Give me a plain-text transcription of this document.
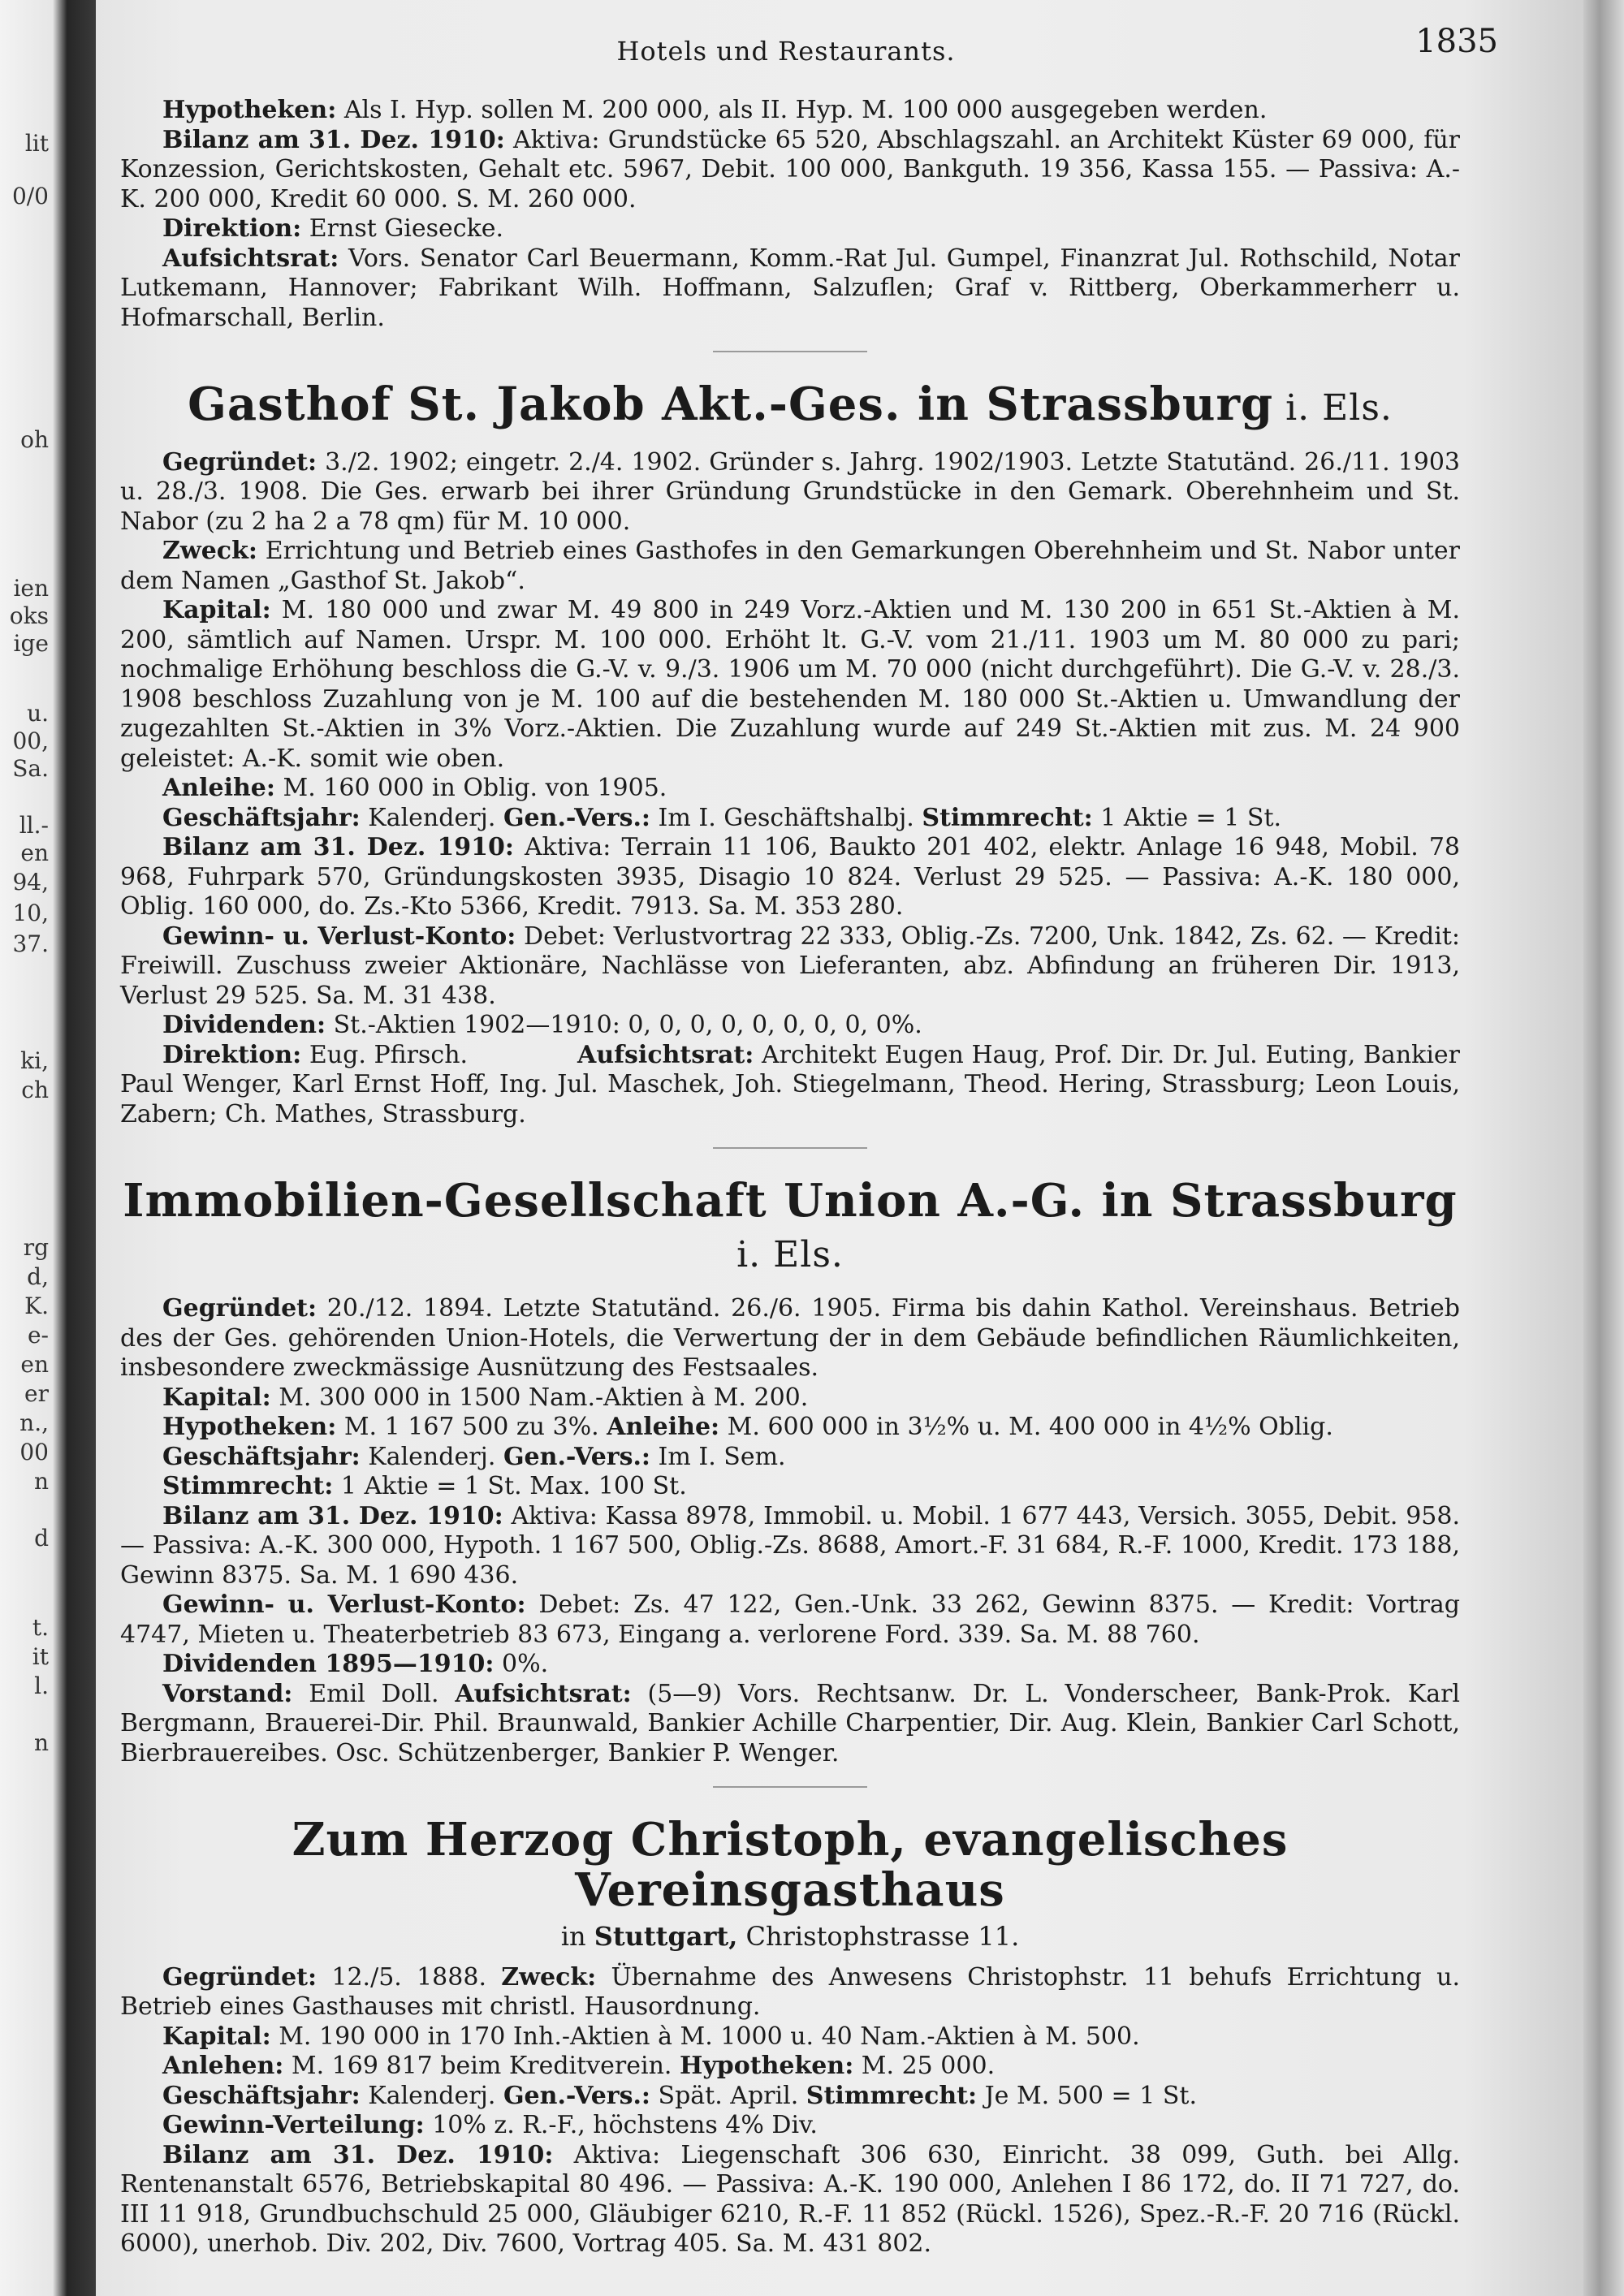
lit
0/0
oh
ien
oks
ige
u.
00,
Sa.
ll.-
en
94,
10,
37.
ki,
ch
rg
d,
K.
e-
en
er
n.,
00
n
d
t.
it
l.
n
Hotels und Restaurants.	1835

Hypotheken: Als I. Hyp. sollen M. 200 000, als II. Hyp. M. 100 000 ausgegeben werden.

Bilanz am 31. Dez. 1910: Aktiva: Grundstücke 65 520, Abschlagszahl. an Architekt Küster 69 000, für Konzession, Gerichtskosten, Gehalt etc. 5967, Debit. 100 000, Bankguth. 19 356, Kassa 155. — Passiva: A.-K. 200 000, Kredit 60 000. S. M. 260 000.

Direktion: Ernst Giesecke.

Aufsichtsrat: Vors. Senator Carl Beuermann, Komm.-Rat Jul. Gumpel, Finanzrat Jul. Rothschild, Notar Lutkemann, Hannover; Fabrikant Wilh. Hoffmann, Salzuflen; Graf v. Rittberg, Oberkammerherr u. Hofmarschall, Berlin.

Gasthof St. Jakob Akt.-Ges. in Strassburg i. Els.

Gegründet: 3./2. 1902; eingetr. 2./4. 1902. Gründer s. Jahrg. 1902/1903. Letzte Statutänd. 26./11. 1903 u. 28./3. 1908. Die Ges. erwarb bei ihrer Gründung Grundstücke in den Gemark. Oberehnheim und St. Nabor (zu 2 ha 2 a 78 qm) für M. 10 000.

Zweck: Errichtung und Betrieb eines Gasthofes in den Gemarkungen Oberehnheim und St. Nabor unter dem Namen „Gasthof St. Jakob“.

Kapital: M. 180 000 und zwar M. 49 800 in 249 Vorz.-Aktien und M. 130 200 in 651 St.-Aktien à M. 200, sämtlich auf Namen. Urspr. M. 100 000. Erhöht lt. G.-V. vom 21./11. 1903 um M. 80 000 zu pari; nochmalige Erhöhung beschloss die G.-V. v. 9./3. 1906 um M. 70 000 (nicht durchgeführt). Die G.-V. v. 28./3. 1908 beschloss Zuzahlung von je M. 100 auf die bestehenden M. 180 000 St.-Aktien u. Umwandlung der zugezahlten St.-Aktien in 3% Vorz.-Aktien. Die Zuzahlung wurde auf 249 St.-Aktien mit zus. M. 24 900 geleistet: A.-K. somit wie oben.

Anleihe: M. 160 000 in Oblig. von 1905.

Geschäftsjahr: Kalenderj. Gen.-Vers.: Im I. Geschäftshalbj. Stimmrecht: 1 Aktie = 1 St.

Bilanz am 31. Dez. 1910: Aktiva: Terrain 11 106, Baukto 201 402, elektr. Anlage 16 948, Mobil. 78 968, Fuhrpark 570, Gründungskosten 3935, Disagio 10 824. Verlust 29 525. — Passiva: A.-K. 180 000, Oblig. 160 000, do. Zs.-Kto 5366, Kredit. 7913. Sa. M. 353 280.

Gewinn- u. Verlust-Konto: Debet: Verlustvortrag 22 333, Oblig.-Zs. 7200, Unk. 1842, Zs. 62. — Kredit: Freiwill. Zuschuss zweier Aktionäre, Nachlässe von Lieferanten, abz. Abfindung an früheren Dir. 1913, Verlust 29 525. Sa. M. 31 438.

Dividenden: St.-Aktien 1902—1910: 0, 0, 0, 0, 0, 0, 0, 0, 0%.

Direktion: Eug. Pfirsch.	Aufsichtsrat: Architekt Eugen Haug, Prof. Dir. Dr. Jul. Euting, Bankier Paul Wenger, Karl Ernst Hoff, Ing. Jul. Maschek, Joh. Stiegelmann, Theod. Hering, Strassburg; Leon Louis, Zabern; Ch. Mathes, Strassburg.

Immobilien-Gesellschaft Union A.-G. in Strassburg i. Els.

Gegründet: 20./12. 1894. Letzte Statutänd. 26./6. 1905. Firma bis dahin Kathol. Vereinshaus. Betrieb des der Ges. gehörenden Union-Hotels, die Verwertung der in dem Gebäude befindlichen Räumlichkeiten, insbesondere zweckmässige Ausnützung des Festsaales.

Kapital: M. 300 000 in 1500 Nam.-Aktien à M. 200.

Hypotheken: M. 1 167 500 zu 3%. Anleihe: M. 600 000 in 3½% u. M. 400 000 in 4½% Oblig.

Geschäftsjahr: Kalenderj. Gen.-Vers.: Im I. Sem.

Stimmrecht: 1 Aktie = 1 St. Max. 100 St.

Bilanz am 31. Dez. 1910: Aktiva: Kassa 8978, Immobil. u. Mobil. 1 677 443, Versich. 3055, Debit. 958. — Passiva: A.-K. 300 000, Hypoth. 1 167 500, Oblig.-Zs. 8688, Amort.-F. 31 684, R.-F. 1000, Kredit. 173 188, Gewinn 8375. Sa. M. 1 690 436.

Gewinn- u. Verlust-Konto: Debet: Zs. 47 122, Gen.-Unk. 33 262, Gewinn 8375. — Kredit: Vortrag 4747, Mieten u. Theaterbetrieb 83 673, Eingang a. verlorene Ford. 339. Sa. M. 88 760.

Dividenden 1895—1910: 0%.

Vorstand: Emil Doll. Aufsichtsrat: (5—9) Vors. Rechtsanw. Dr. L. Vonderscheer, Bank-Prok. Karl Bergmann, Brauerei-Dir. Phil. Braunwald, Bankier Achille Charpentier, Dir. Aug. Klein, Bankier Carl Schott, Bierbrauereibes. Osc. Schützenberger, Bankier P. Wenger.

Zum Herzog Christoph, evangelisches Vereinsgasthaus
in Stuttgart, Christophstrasse 11.

Gegründet: 12./5. 1888. Zweck: Übernahme des Anwesens Christophstr. 11 behufs Errichtung u. Betrieb eines Gasthauses mit christl. Hausordnung.

Kapital: M. 190 000 in 170 Inh.-Aktien à M. 1000 u. 40 Nam.-Aktien à M. 500.

Anlehen: M. 169 817 beim Kreditverein. Hypotheken: M. 25 000.

Geschäftsjahr: Kalenderj. Gen.-Vers.: Spät. April. Stimmrecht: Je M. 500 = 1 St.

Gewinn-Verteilung: 10% z. R.-F., höchstens 4% Div.

Bilanz am 31. Dez. 1910: Aktiva: Liegenschaft 306 630, Einricht. 38 099, Guth. bei Allg. Rentenanstalt 6576, Betriebskapital 80 496. — Passiva: A.-K. 190 000, Anlehen I 86 172, do. II 71 727, do. III 11 918, Grundbuchschuld 25 000, Gläubiger 6210, R.-F. 11 852 (Rückl. 1526), Spez.-R.-F. 20 716 (Rückl. 6000), unerhob. Div. 202, Div. 7600, Vortrag 405. Sa. M. 431 802.
